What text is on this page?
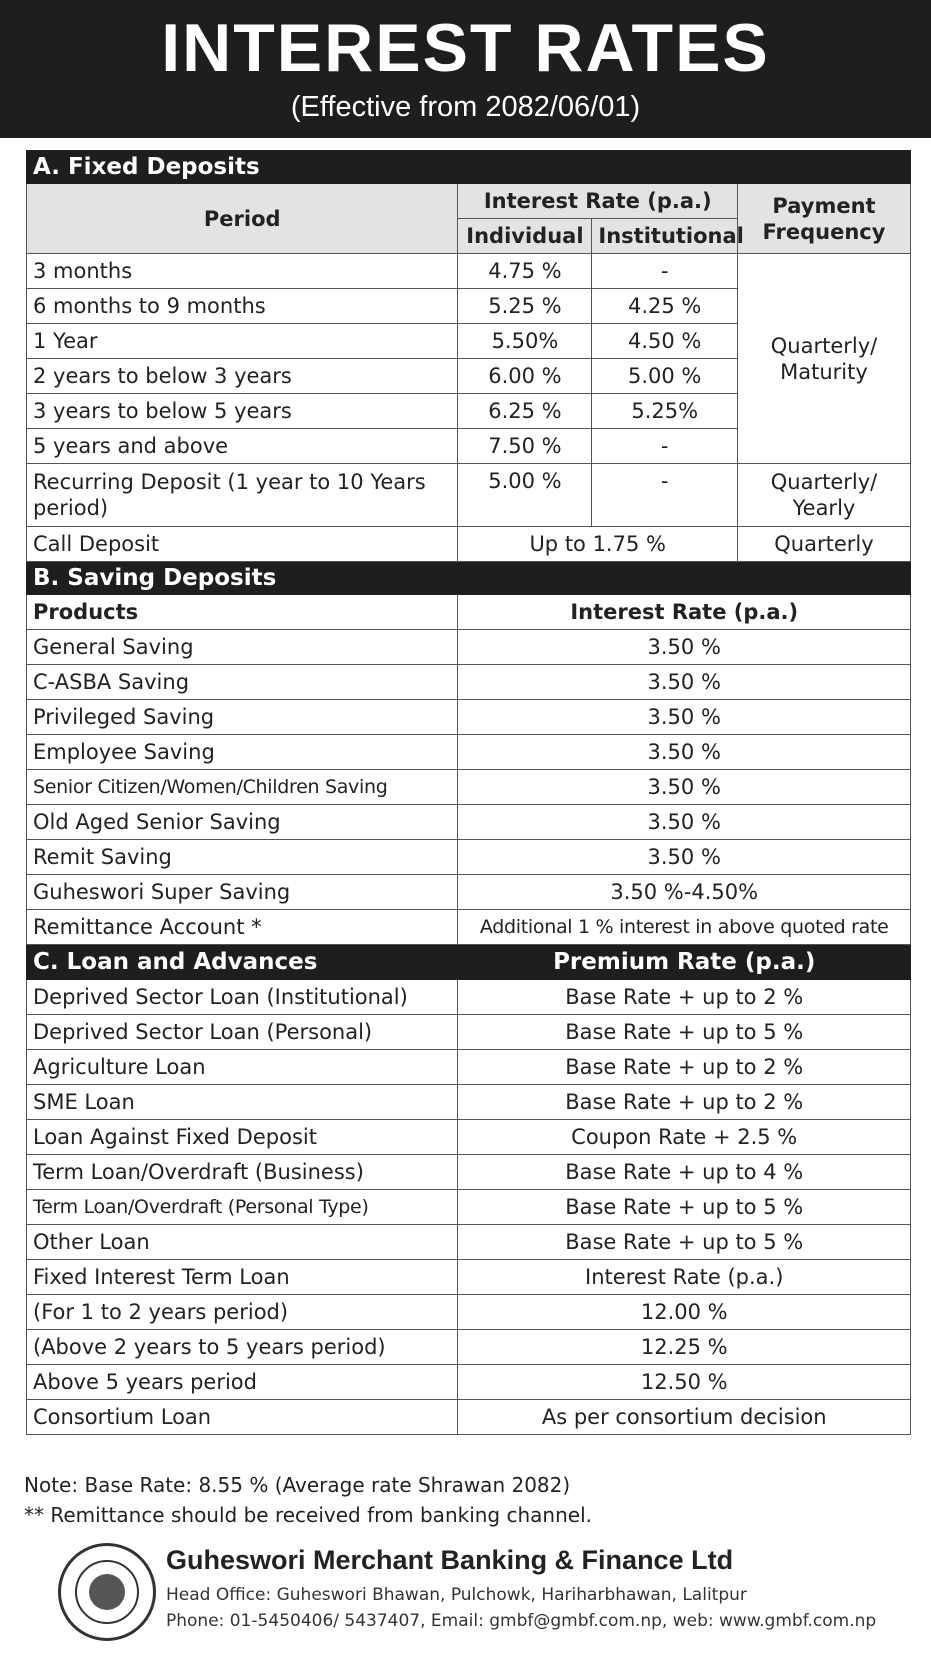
INTEREST RATES
(Effective from 2082/06/01)
A. Fixed Deposits			
Period	Interest Rate (p.a.)		Payment Frequency
	Individual	Institutional	
3 months	4.75 %	-	Quarterly/ Maturity
6 months to 9 months	5.25 %	4.25 %	
1 Year	5.50%	4.50 %	
2 years to below 3 years	6.00 %	5.00 %	
3 years to below 5 years	6.25 %	5.25%	
5 years and above	7.50 %	-	
Recurring Deposit (1 year to 10 Years period)	5.00 %	-	Quarterly/ Yearly
Call Deposit	Up to 1.75 %		Quarterly
B. Saving Deposits			
Products	Interest Rate (p.a.)		
General Saving	3.50 %		
C-ASBA Saving	3.50 %		
Privileged Saving	3.50 %		
Employee Saving	3.50 %		
Senior Citizen/Women/Children Saving	3.50 %		
Old Aged Senior Saving	3.50 %		
Remit Saving	3.50 %		
Guheswori Super Saving	3.50 %-4.50%		
Remittance Account *	Additional 1 % interest in above quoted rate		
C. Loan and Advances	Premium Rate (p.a.)		
Deprived Sector Loan (Institutional)	Base Rate + up to 2 %		
Deprived Sector Loan (Personal)	Base Rate + up to 5 %		
Agriculture Loan	Base Rate + up to 2 %		
SME Loan	Base Rate + up to 2 %		
Loan Against Fixed Deposit	Coupon Rate + 2.5 %		
Term Loan/Overdraft (Business)	Base Rate + up to 4 %		
Term Loan/Overdraft (Personal Type)	Base Rate + up to 5 %		
Other Loan	Base Rate + up to 5 %		
Fixed Interest Term Loan	Interest Rate (p.a.)		
(For 1 to 2 years period)	12.00 %		
(Above 2 years to 5 years period)	12.25 %		
Above 5 years period	12.50 %		
Consortium Loan	As per consortium decision		
Note: Base Rate: 8.55 % (Average rate Shrawan 2082)
** Remittance should be received from banking channel.
Guheswori Merchant Banking & Finance Ltd
Head Office: Guheswori Bhawan, Pulchowk, Hariharbhawan, Lalitpur
Phone: 01-5450406/ 5437407, Email: gmbf@gmbf.com.np, web: www.gmbf.com.np
